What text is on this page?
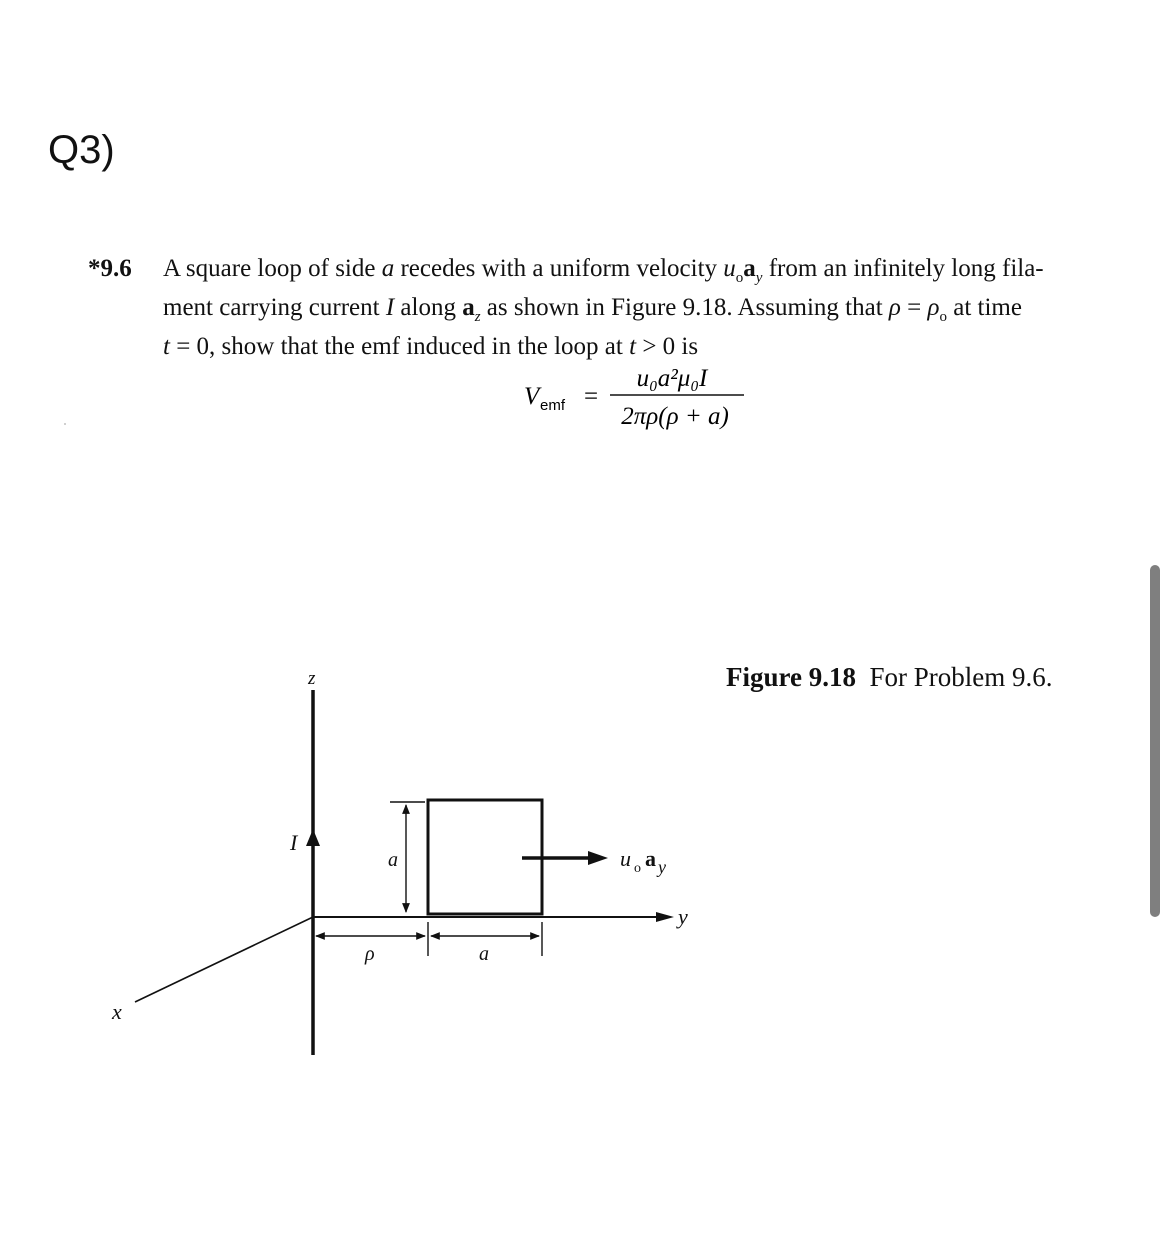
Q3)
*9.6 A square loop of side a recedes with a uniform velocity $u_oa_y$ from an infinitely long fila-

ment carrying current I along $a_z$ as shown in Figure 9.18. Assuming that $\rho = \rho_o$ at time

t = 0, show that the emf induced in the loop at t > 0 is

V emf =
u₀a²μ₀I
2πρ(ρ + a)
Figure 9.18 For Problem 9.6.
z
x
y
I
a
ρ	a
u o a y
